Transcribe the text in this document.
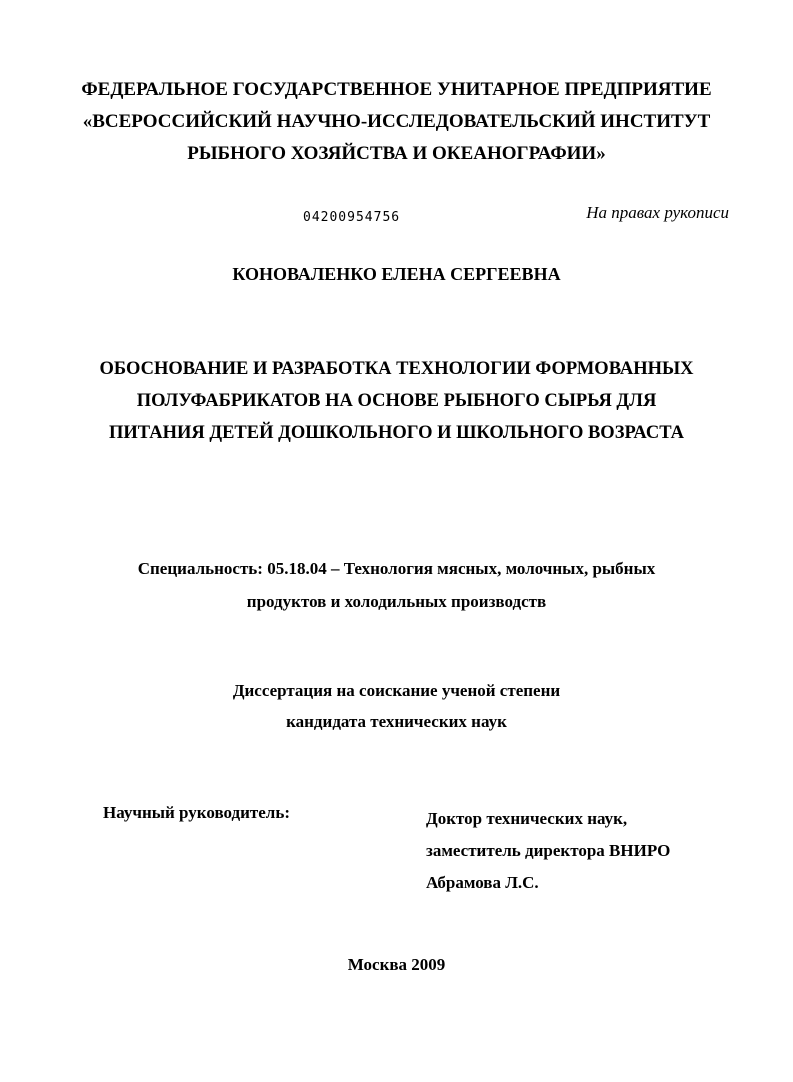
ФЕДЕРАЛЬНОЕ ГОСУДАРСТВЕННОЕ УНИТАРНОЕ ПРЕДПРИЯТИЕ
«ВСЕРОССИЙСКИЙ НАУЧНО-ИССЛЕДОВАТЕЛЬСКИЙ ИНСТИТУТ
РЫБНОГО ХОЗЯЙСТВА И ОКЕАНОГРАФИИ»
04200954756	На правах рукописи
КОНОВАЛЕНКО ЕЛЕНА СЕРГЕЕВНА
ОБОСНОВАНИЕ И РАЗРАБОТКА ТЕХНОЛОГИИ ФОРМОВАННЫХ
ПОЛУФАБРИКАТОВ НА ОСНОВЕ РЫБНОГО СЫРЬЯ ДЛЯ
ПИТАНИЯ ДЕТЕЙ ДОШКОЛЬНОГО И ШКОЛЬНОГО ВОЗРАСТА
Специальность: 05.18.04 – Технология мясных, молочных, рыбных
продуктов и холодильных производств
Диссертация на соискание ученой степени
кандидата технических наук
Научный руководитель:	Доктор технических наук,
заместитель директора ВНИРО
Абрамова Л.С.
Москва 2009
